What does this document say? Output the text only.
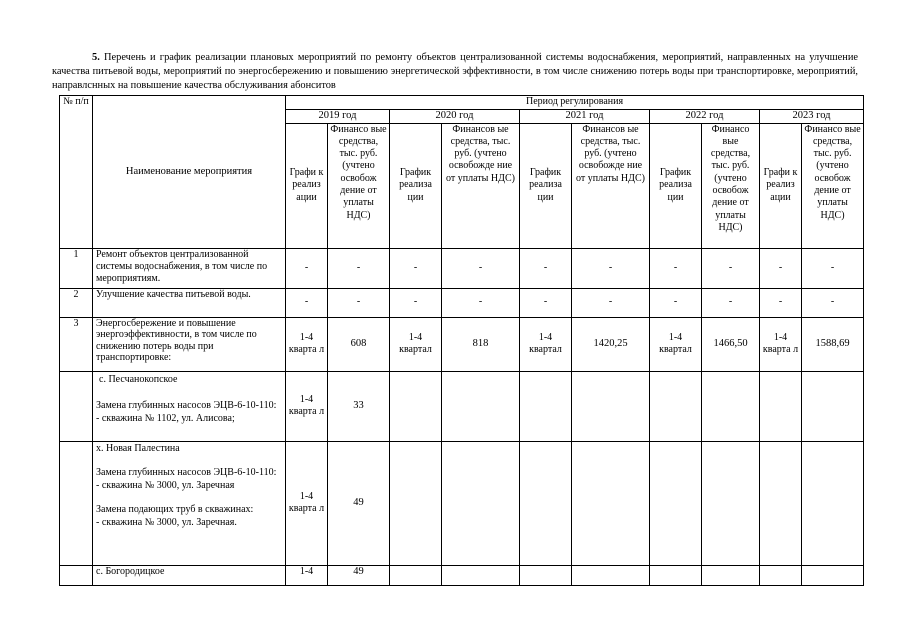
5. Перечень и график реализации плановых мероприятий по ремонту объектов централизованной системы водоснабжения, мероприятий, направленных на улучшение качества питьевой воды, мероприятий по энергосбережению и повышению энергетической эффективности, в том числе снижению потерь воды при транспортировке, мероприятий, направлснных на повышение качества обслуживания абонситов

№ п/п	Наименование мероприятия	Период регулирования									
		2019 год		2020 год		2021 год		2022 год		2023 год	
		Графи к реализ ации	Финансо вые средства, тыс. руб. (учтено освобож дение от уплаты НДС)	График реализа ции	Финансов ые средства, тыс. руб. (учтено освобожде ние от уплаты НДС)	График реализа ции	Финансов ые средства, тыс. руб. (учтено освобожде ние от уплаты НДС)	График реализа ции	Финансо вые средства, тыс. руб. (учтено освобож дение от уплаты НДС)	Графи к реализ ации	Финансо вые средства, тыс. руб. (учтено освобож дение от уплаты НДС)
1	Ремонт объектов централизованной системы водоснабжения, в том числе по мероприятиям.	-	-	-	-	-	-	-	-	-	-
2	Улучшение качества питьевой воды.	-	-	-	-	-	-	-	-	-	-
3	Энергосбережение и повышение энергоэффективности, в том числе по снижению потерь воды при транспортировке:	1-4 кварта л	608	1-4 квартал	818	1-4 квартал	1420,25	1-4 квартал	1466,50	1-4 кварта л	1588,69

	с. Песчанокопское
Замена глубинных насосов ЭЦВ-6-10-110:
- скважина № 1102, ул. Алисова;	1-4 кварта л	33								

	х. Новая Палестина
Замена глубинных насосов ЭЦВ-6-10-110:
- скважина № 3000, ул. Заречная
Замена подающих труб в скважинах:
- скважина № 3000, ул. Заречная.	1-4 кварта л	49								
	с. Богородицкое	1-4	49								
